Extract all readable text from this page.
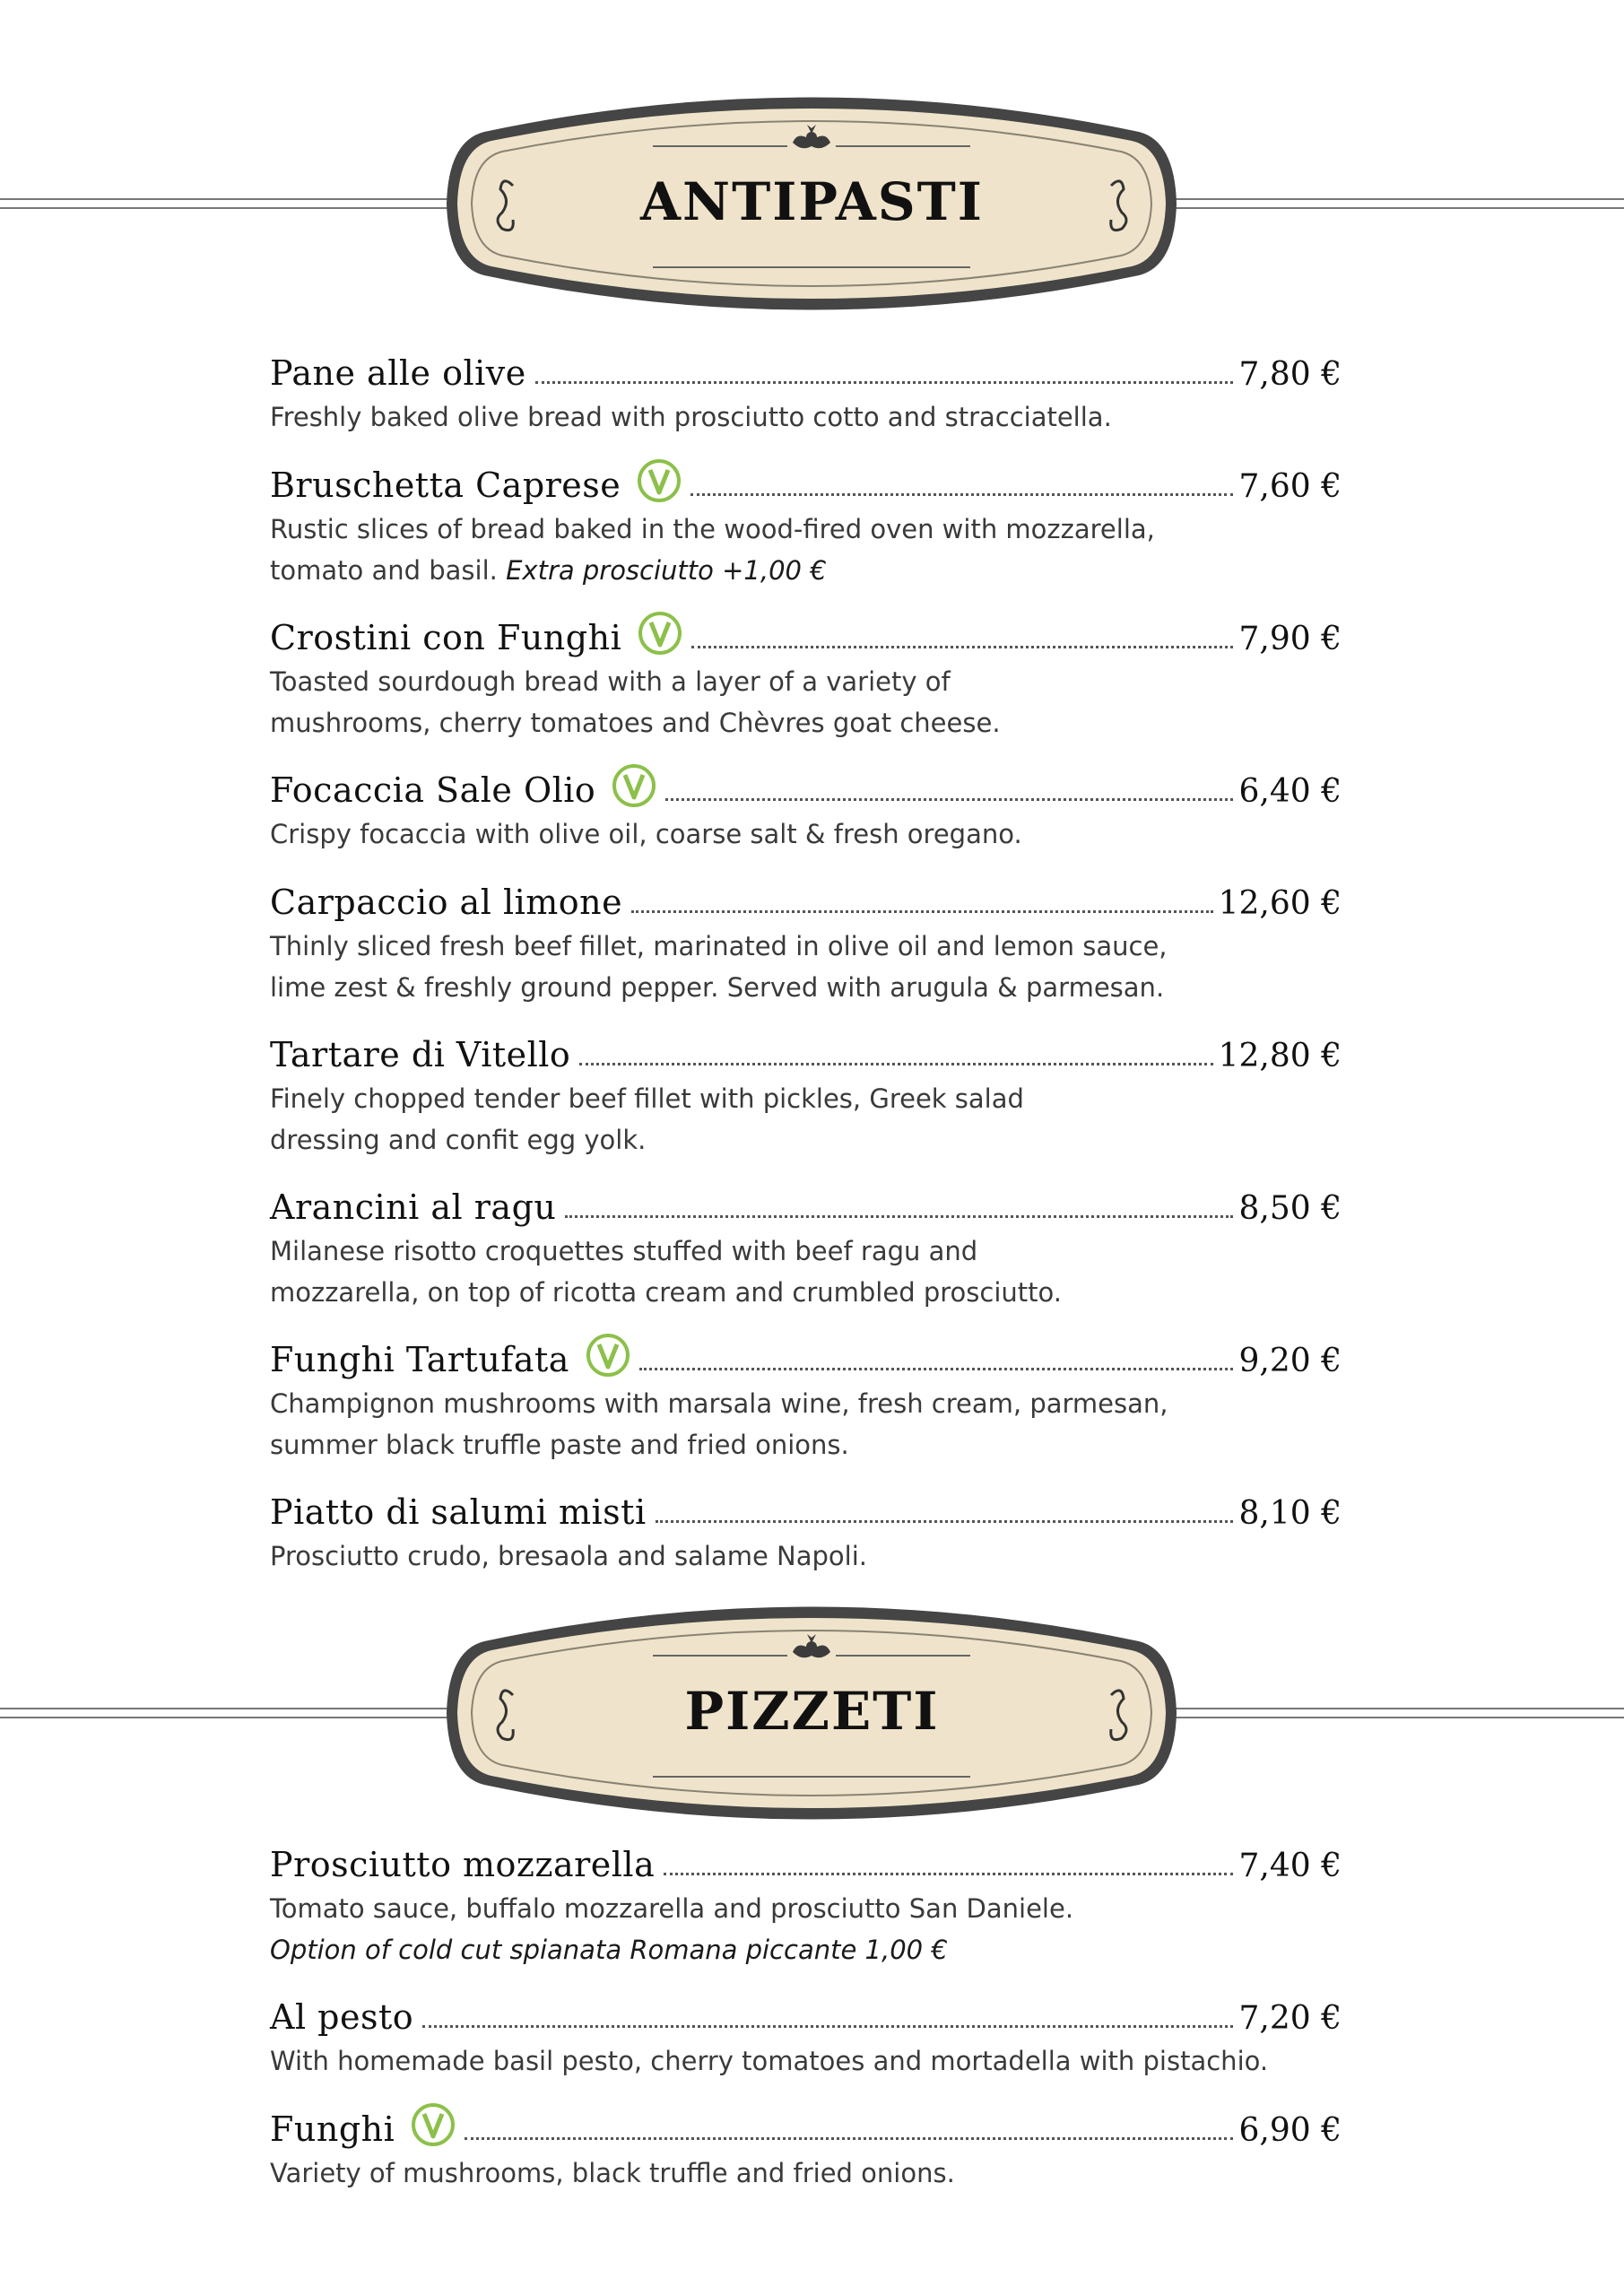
ANTIPASTI
Pane alle olive	7,80 €
Freshly baked olive bread with prosciutto cotto and stracciatella.
Bruschetta Caprese	7,60 €
Rustic slices of bread baked in the wood-fired oven with mozzarella, tomato and basil. Extra prosciutto +1,00 €
Crostini con Funghi	7,90 €
Toasted sourdough bread with a layer of a variety of mushrooms, cherry tomatoes and Chèvres goat cheese.
Focaccia Sale Olio	6,40 €
Crispy focaccia with olive oil, coarse salt & fresh oregano.
Carpaccio al limone	12,60 €
Thinly sliced fresh beef fillet, marinated in olive oil and lemon sauce, lime zest & freshly ground pepper. Served with arugula & parmesan.
Tartare di Vitello	12,80 €
Finely chopped tender beef fillet with pickles, Greek salad dressing and confit egg yolk.
Arancini al ragu	8,50 €
Milanese risotto croquettes stuffed with beef ragu and mozzarella, on top of ricotta cream and crumbled prosciutto.
Funghi Tartufata	9,20 €
Champignon mushrooms with marsala wine, fresh cream, parmesan, summer black truffle paste and fried onions.
Piatto di salumi misti	8,10 €
Prosciutto crudo, bresaola and salame Napoli.
PIZZETI
Prosciutto mozzarella	7,40 €
Tomato sauce, buffalo mozzarella and prosciutto San Daniele.
Option of cold cut spianata Romana piccante 1,00 €
Al pesto	7,20 €
With homemade basil pesto, cherry tomatoes and mortadella with pistachio.
Funghi	6,90 €
Variety of mushrooms, black truffle and fried onions.
